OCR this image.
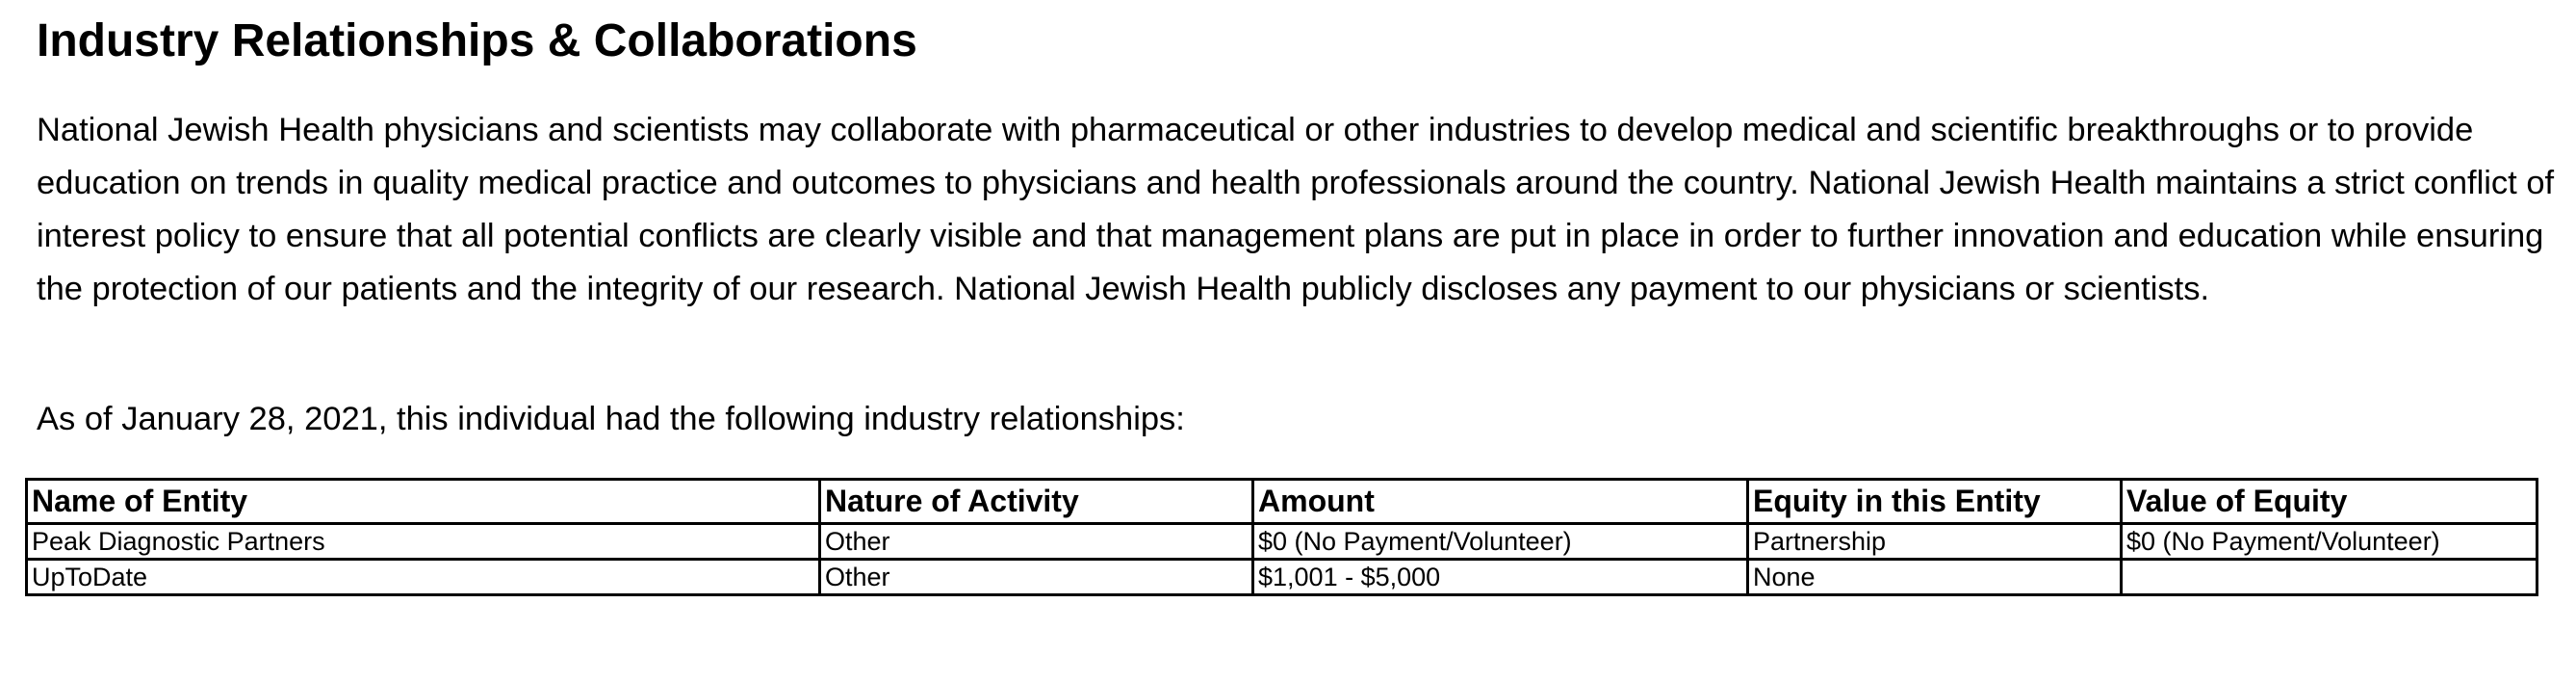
Industry Relationships & Collaborations

National Jewish Health physicians and scientists may collaborate with pharmaceutical or other industries to develop medical and scientific breakthroughs or to provide education on trends in quality medical practice and outcomes to physicians and health professionals around the country. National Jewish Health maintains a strict conflict of interest policy to ensure that all potential conflicts are clearly visible and that management plans are put in place in order to further innovation and education while ensuring the protection of our patients and the integrity of our research. National Jewish Health publicly discloses any payment to our physicians or scientists.

As of January 28, 2021, this individual had the following industry relationships:

Name of Entity	Nature of Activity	Amount	Equity in this Entity	Value of Equity
Peak Diagnostic Partners	Other	$0 (No Payment/Volunteer)	Partnership	$0 (No Payment/Volunteer)
UpToDate	Other	$1,001 - $5,000	None	
